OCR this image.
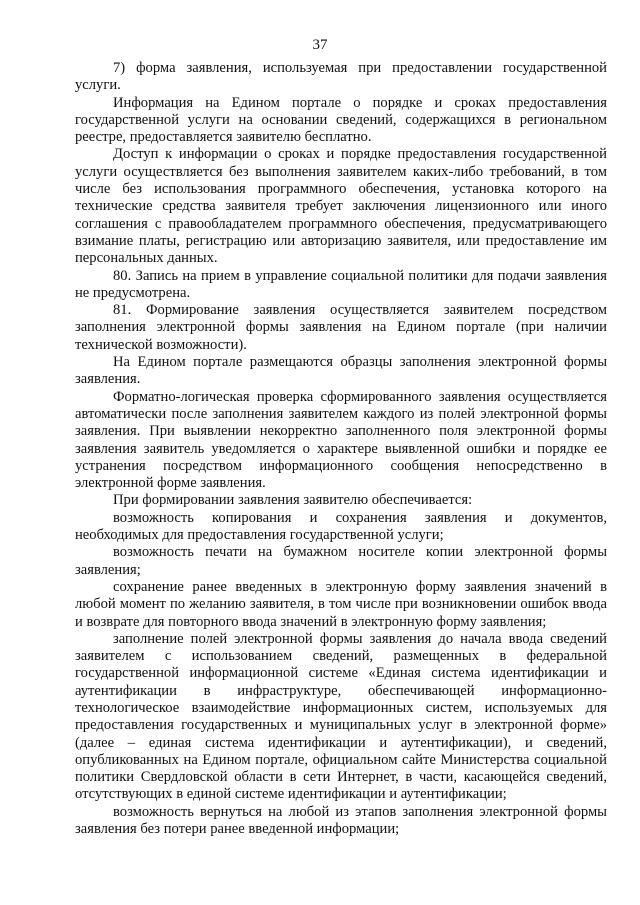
37

7) форма заявления, используемая при предоставлении государственной услуги.

Информация на Едином портале о порядке и сроках предоставления государственной услуги на основании сведений, содержащихся в региональном реестре, предоставляется заявителю бесплатно.

Доступ к информации о сроках и порядке предоставления государственной услуги осуществляется без выполнения заявителем каких-либо требований, в том числе без использования программного обеспечения, установка которого на технические средства заявителя требует заключения лицензионного или иного соглашения с правообладателем программного обеспечения, предусматривающего взимание платы, регистрацию или авторизацию заявителя, или предоставление им персональных данных.

80. Запись на прием в управление социальной политики для подачи заявления не предусмотрена.

81. Формирование заявления осуществляется заявителем посредством заполнения электронной формы заявления на Едином портале (при наличии технической возможности).

На Едином портале размещаются образцы заполнения электронной формы заявления.

Форматно-логическая проверка сформированного заявления осуществляется автоматически после заполнения заявителем каждого из полей электронной формы заявления. При выявлении некорректно заполненного поля электронной формы заявления заявитель уведомляется о характере выявленной ошибки и порядке ее устранения посредством информационного сообщения непосредственно в электронной форме заявления.

При формировании заявления заявителю обеспечивается:

возможность копирования и сохранения заявления и документов, необходимых для предоставления государственной услуги;

возможность печати на бумажном носителе копии электронной формы заявления;

сохранение ранее введенных в электронную форму заявления значений в любой момент по желанию заявителя, в том числе при возникновении ошибок ввода и возврате для повторного ввода значений в электронную форму заявления;

заполнение полей электронной формы заявления до начала ввода сведений заявителем с использованием сведений, размещенных в федеральной государственной информационной системе «Единая система идентификации и аутентификации в инфраструктуре, обеспечивающей информационно-технологическое взаимодействие информационных систем, используемых для предоставления государственных и муниципальных услуг в электронной форме» (далее – единая система идентификации и аутентификации), и сведений, опубликованных на Едином портале, официальном сайте Министерства социальной политики Свердловской области в сети Интернет, в части, касающейся сведений, отсутствующих в единой системе идентификации и аутентификации;

возможность вернуться на любой из этапов заполнения электронной формы заявления без потери ранее введенной информации;
